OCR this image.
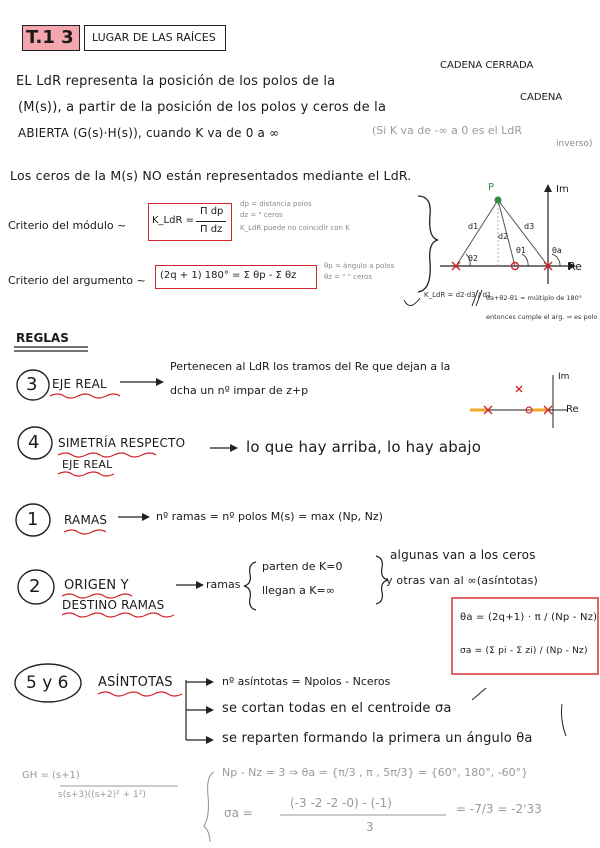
T.1 3 LUGAR DE LAS RAÍCES
EL LdR representa la posición de los polos de la
CADENA CERRADA
(M(s)), a partir de la posición de los polos y ceros de la
CADENA
ABIERTA (G(s)·H(s)), cuando K va de 0 a ∞	(Si K va de -∞ a 0 es el LdR
inverso)
Los ceros de la M(s) NO están representados mediante el LdR.
Criterio del módulo ~	K_LdR =
Π dp
Π dz
dp = distancia polos
dz = " ceros
K_LdR puede no coincidir con K
Criterio del argumento ~ (2q + 1) 180° = Σ θp - Σ θz
θp = ángulo a polos
θz = " " ceros
Im
Re
P
d1
d2
d3
θ1
θ2
θa
K_LdR = d2·d3 / d1
θa+θ2-θ1 = múltiplo de 180°
entonces cumple el arg. ⇒ es polo
REGLAS
3 EJE REAL
Pertenecen al LdR los tramos del Re que dejan a la
dcha un nº impar de z+p
Im
Re
4 SIMETRÍA RESPECTO
EJE REAL
lo que hay arriba, lo hay abajo
1 RAMAS	nº ramas = nº polos M(s) = max (Np, Nz)
2 ORIGEN Y
DESTINO RAMAS
ramas
parten de K=0
llegan a K=∞
algunas van a los ceros
y otras van al ∞(asíntotas)
θa = (2q+1) · π / (Np - Nz)
σa = (Σ pi - Σ zi) / (Np - Nz)
5 y 6 ASÍNTOTAS	nº asíntotas = Npolos - Nceros
se cortan todas en el centroide σa
se reparten formando la primera un ángulo θa
GH = (s+1)
s(s+3)((s+2)² + 1²)
Np - Nz = 3 ⇒ θa = {π/3 , π , 5π/3} = {60°, 180°, -60°}
σa =
(-3 -2 -2 -0) - (-1)
3
= -7/3 = -2'33
